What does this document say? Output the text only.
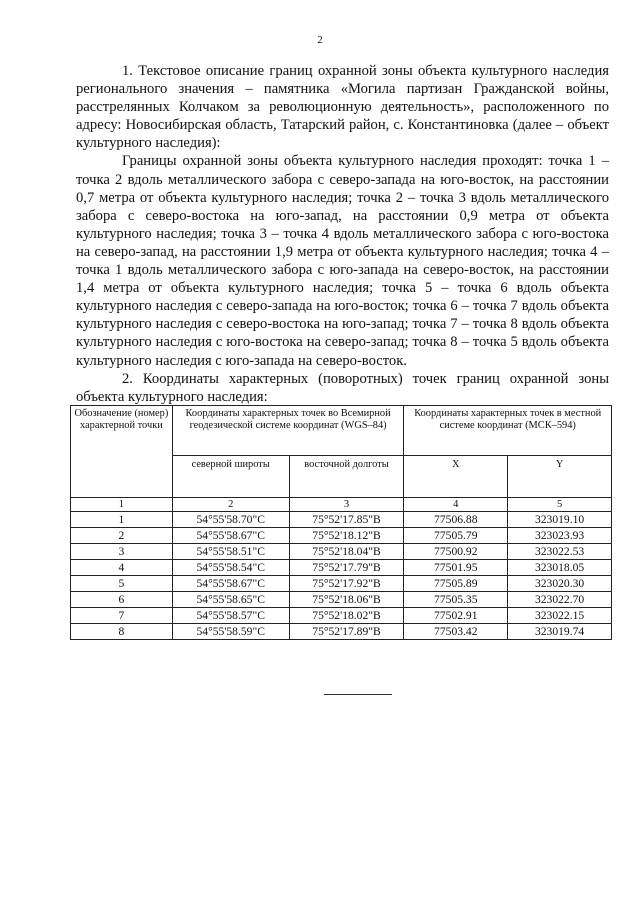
2

1. Текстовое описание границ охранной зоны объекта культурного наследия регионального значения – памятника «Могила партизан Гражданской войны, расстрелянных Колчаком за революционную деятельность», расположенного по адресу: Новосибирская область, Татарский район, с. Константиновка (далее – объект культурного наследия):

Границы охранной зоны объекта культурного наследия проходят: точка 1 – точка 2 вдоль металлического забора с северо-запада на юго-восток, на расстоянии 0,7 метра от объекта культурного наследия; точка 2 – точка 3 вдоль металлического забора с северо-востока на юго-запад, на расстоянии 0,9 метра от объекта культурного наследия; точка 3 – точка 4 вдоль металлического забора с юго-востока на северо-запад, на расстоянии 1,9 метра от объекта культурного наследия; точка 4 – точка 1 вдоль металлического забора с юго-запада на северо-восток, на расстоянии 1,4 метра от объекта культурного наследия; точка 5 – точка 6 вдоль объекта культурного наследия с северо-запада на юго-восток; точка 6 – точка 7 вдоль объекта культурного наследия с северо-востока на юго-запад; точка 7 – точка 8 вдоль объекта культурного наследия с юго-востока на северо-запад; точка 8 – точка 5 вдоль объекта культурного наследия с юго-запада на северо-восток.

2. Координаты характерных (поворотных) точек границ охранной зоны объекта культурного наследия:

Обозначение (номер) характерной точки	Координаты характерных точек во Всемирной геодезической системе координат (WGS–84)		Координаты характерных точек в местной системе координат (МСК–594)	
	северной широты	восточной долготы	X	Y
1	2	3	4	5
1	54°55'58.70"С	75°52'17.85"В	77506.88	323019.10
2	54°55'58.67"С	75°52'18.12"В	77505.79	323023.93
3	54°55'58.51"С	75°52'18.04"В	77500.92	323022.53
4	54°55'58.54"С	75°52'17.79"В	77501.95	323018.05
5	54°55'58.67"С	75°52'17.92"В	77505.89	323020.30
6	54°55'58.65"С	75°52'18.06"В	77505.35	323022.70
7	54°55'58.57"С	75°52'18.02"В	77502.91	323022.15
8	54°55'58.59"С	75°52'17.89"В	77503.42	323019.74
